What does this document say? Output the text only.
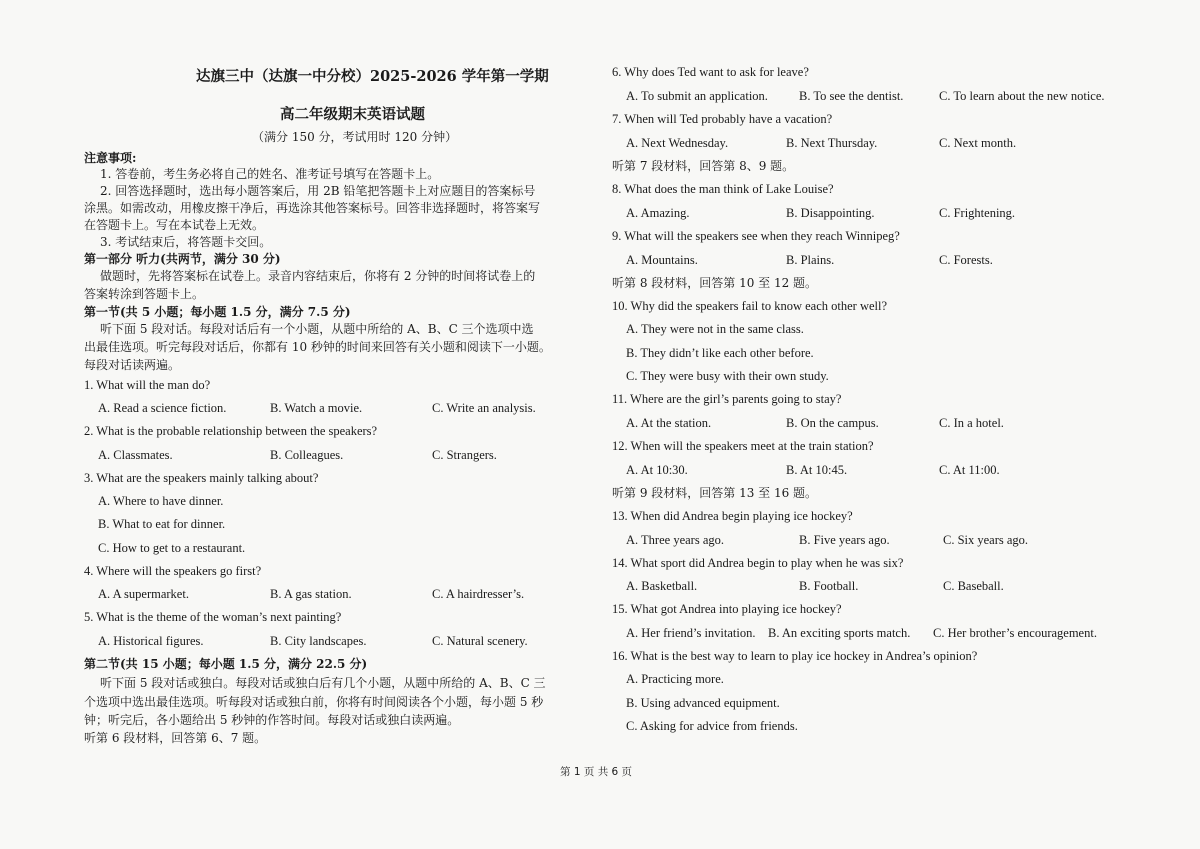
达旗三中（达旗一中分校）2025-2026 学年第一学期
高二年级期末英语试题
（满分 150 分，考试用时 120 分钟）
注意事项:
1. 答卷前，考生务必将自己的姓名、准考证号填写在答题卡上。
2. 回答选择题时，选出每小题答案后，用 2B 铅笔把答题卡上对应题目的答案标号
涂黑。如需改动，用橡皮擦干净后，再选涂其他答案标号。回答非选择题时，将答案写
在答题卡上。写在本试卷上无效。
3. 考试结束后，将答题卡交回。
第一部分 听力(共两节，满分 30 分)
做题时，先将答案标在试卷上。录音内容结束后，你将有 2 分钟的时间将试卷上的
答案转涂到答题卡上。
第一节(共 5 小题；每小题 1.5 分，满分 7.5 分)
听下面 5 段对话。每段对话后有一个小题，从题中所给的 A、B、C 三个选项中选
出最佳选项。听完每段对话后，你都有 10 秒钟的时间来回答有关小题和阅读下一小题。
每段对话读两遍。
1. What will the man do?
A. Read a science fiction.	B. Watch a movie.	C. Write an analysis.
2. What is the probable relationship between the speakers?
A. Classmates.	B. Colleagues.	C. Strangers.
3. What are the speakers mainly talking about?
A. Where to have dinner.
B. What to eat for dinner.
C. How to get to a restaurant.
4. Where will the speakers go first?
A. A supermarket.	B. A gas station.	C. A hairdresser’s.
5. What is the theme of the woman’s next painting?
A. Historical figures.	B. City landscapes.	C. Natural scenery.
第二节(共 15 小题；每小题 1.5 分，满分 22.5 分)
听下面 5 段对话或独白。每段对话或独白后有几个小题，从题中所给的 A、B、C 三
个选项中选出最佳选项。听每段对话或独白前，你将有时间阅读各个小题，每小题 5 秒
钟；听完后，各小题给出 5 秒钟的作答时间。每段对话或独白读两遍。
听第 6 段材料，回答第 6、7 题。
6. Why does Ted want to ask for leave?
A. To submit an application. B. To see the dentist.	C. To learn about the new notice.
7. When will Ted probably have a vacation?
A. Next Wednesday.	B. Next Thursday.	C. Next month.
听第 7 段材料，回答第 8、9 题。
8. What does the man think of Lake Louise?
A. Amazing.	B. Disappointing.	C. Frightening.
9. What will the speakers see when they reach Winnipeg?
A. Mountains.	B. Plains.	C. Forests.
听第 8 段材料，回答第 10 至 12 题。
10. Why did the speakers fail to know each other well?
A. They were not in the same class.
B. They didn’t like each other before.
C. They were busy with their own study.
11. Where are the girl’s parents going to stay?
A. At the station.	B. On the campus.	C. In a hotel.
12. When will the speakers meet at the train station?
A. At 10:30.	B. At 10:45.	C. At 11:00.
听第 9 段材料，回答第 13 至 16 题。
13. When did Andrea begin playing ice hockey?
A. Three years ago.	B. Five years ago.	C. Six years ago.
14. What sport did Andrea begin to play when he was six?
A. Basketball.	B. Football.	C. Baseball.
15. What got Andrea into playing ice hockey?
A. Her friend’s invitation. B. An exciting sports match. C. Her brother’s encouragement.
16. What is the best way to learn to play ice hockey in Andrea’s opinion?
A. Practicing more.
B. Using advanced equipment.
C. Asking for advice from friends.
第 1 页 共 6 页
